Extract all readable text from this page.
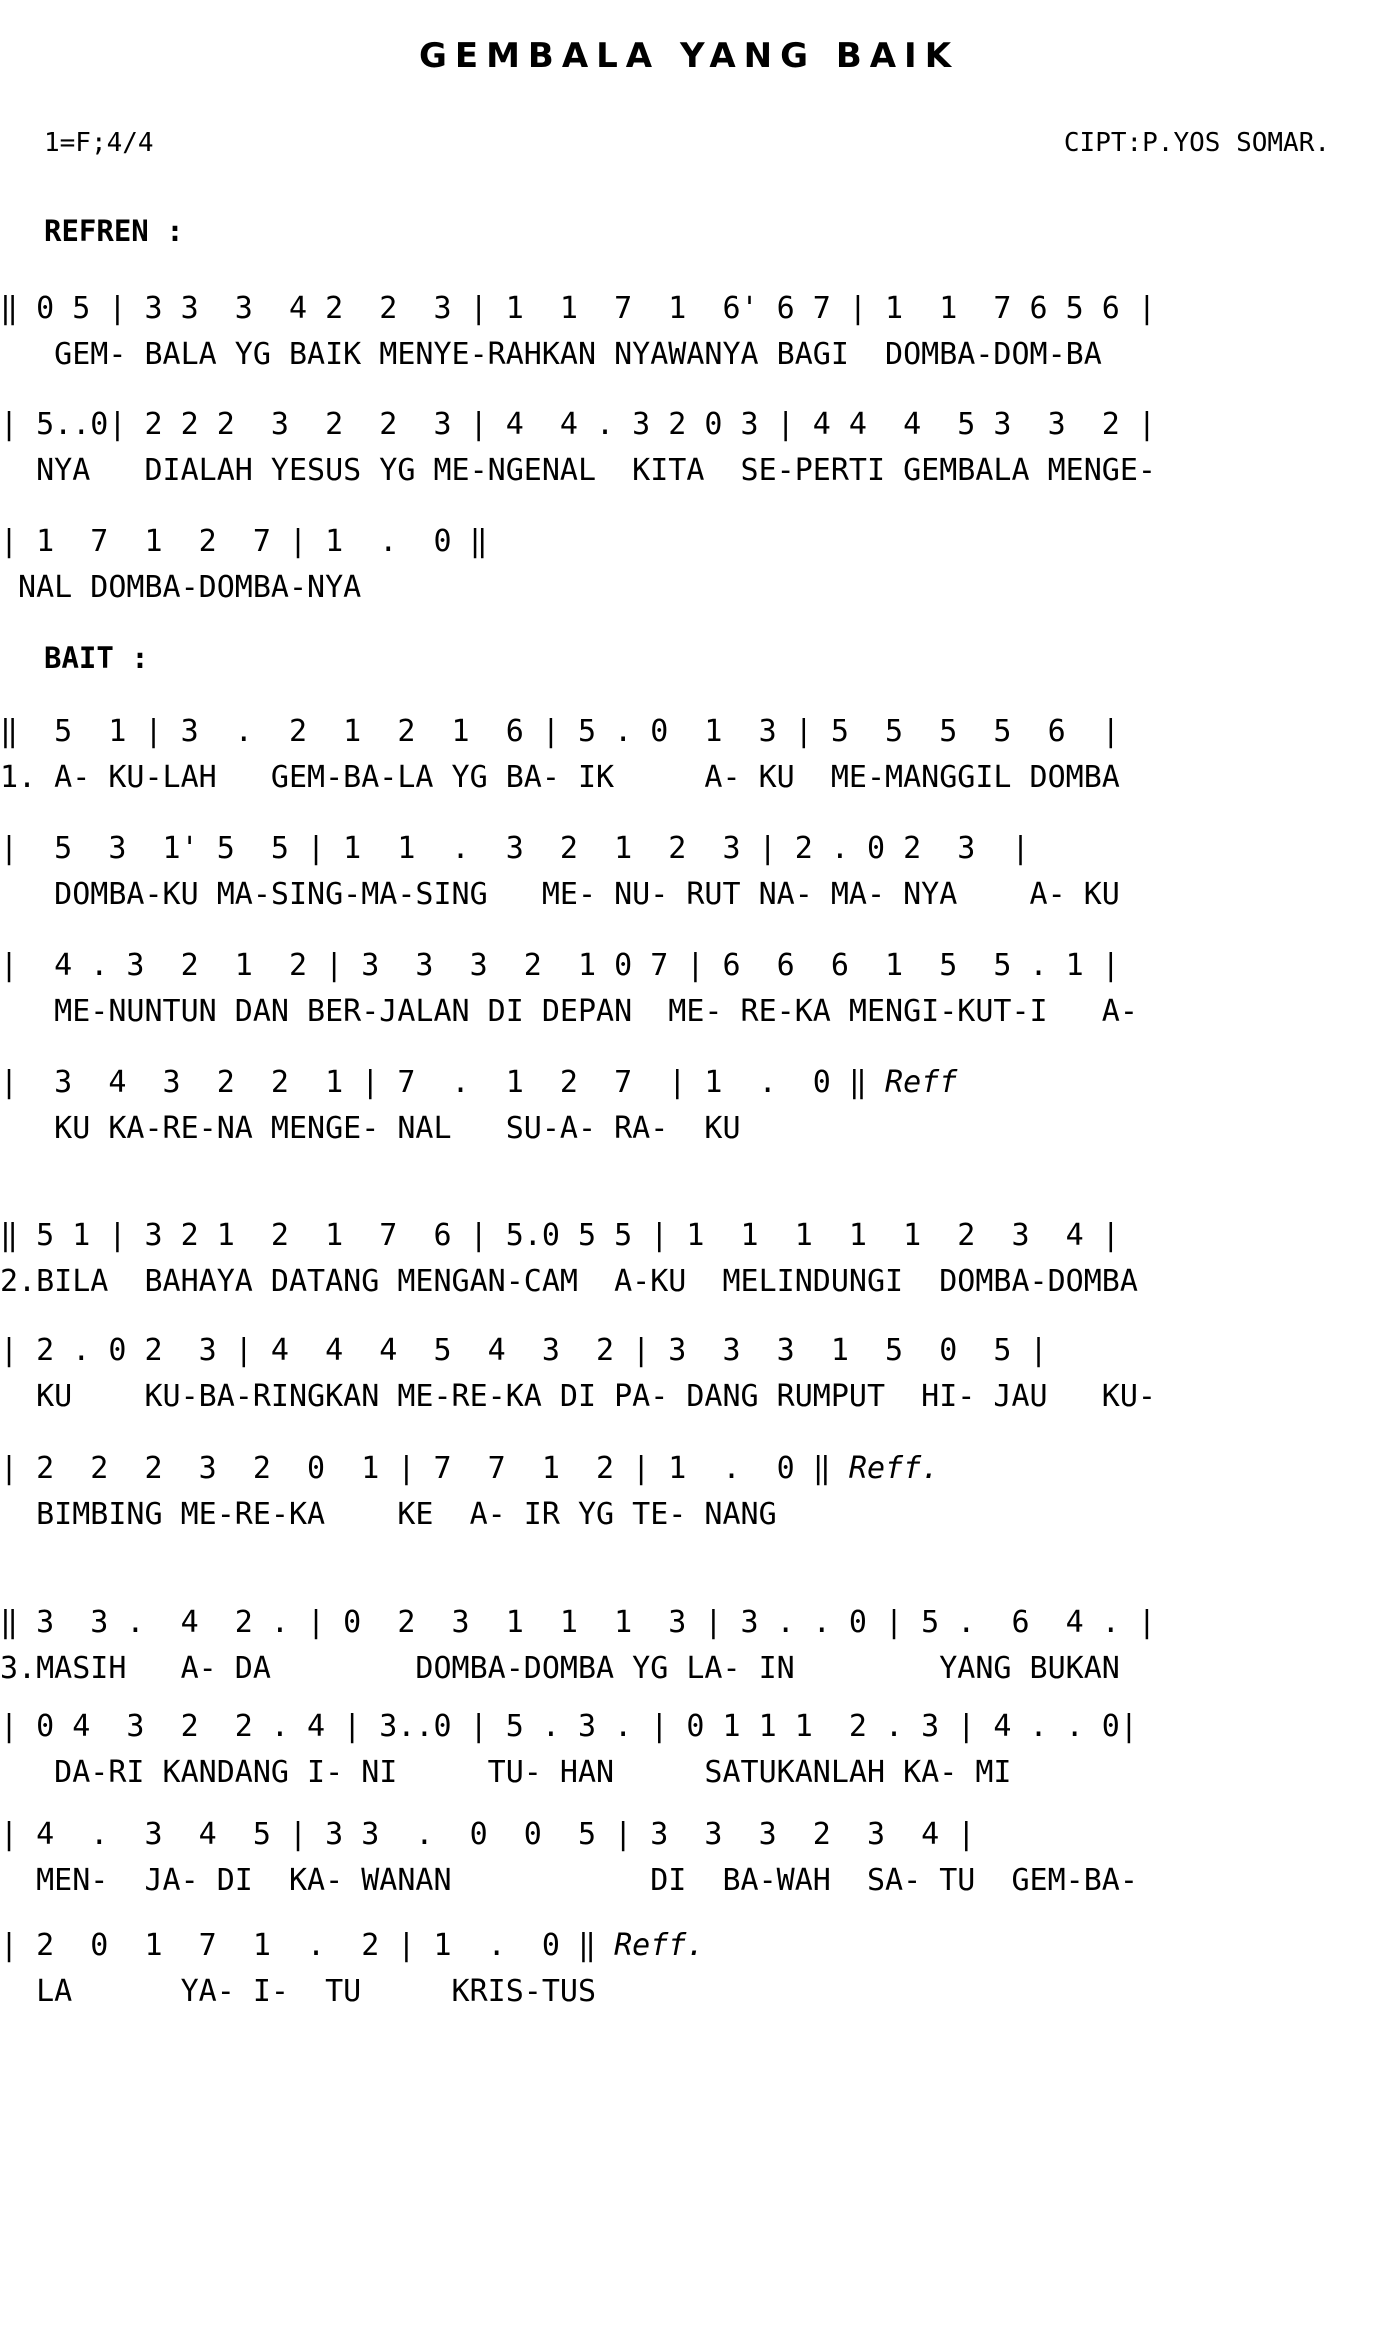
GEMBALA YANG BAIK
1=F;4/4	CIPT:P.YOS SOMAR.
REFREN :
‖ 0 5 | 3 3  3  4 2  2  3 | 1  1  7  1  6' 6 7 | 1  1  7 6 5 6 |
GEM- BALA YG BAIK MENYE-RAHKAN NYAWANYA BAGI  DOMBA-DOM-BA
| 5..0| 2 2 2  3  2  2  3 | 4  4 . 3 2 0 3 | 4 4  4  5 3  3  2 |
NYA   DIALAH YESUS YG ME-NGENAL  KITA  SE-PERTI GEMBALA MENGE-
| 1  7  1  2  7 | 1  .  0 ‖
NAL DOMBA-DOMBA-NYA
BAIT :
‖  5  1 | 3  .  2  1  2  1  6 | 5 . 0  1  3 | 5  5  5  5  6  |
1. A- KU-LAH   GEM-BA-LA YG BA- IK     A- KU  ME-MANGGIL DOMBA
|  5  3  1' 5  5 | 1  1  .  3  2  1  2  3 | 2 . 0 2  3  |
DOMBA-KU MA-SING-MA-SING   ME- NU- RUT NA- MA- NYA    A- KU
|  4 . 3  2  1  2 | 3  3  3  2  1 0 7 | 6  6  6  1  5  5 . 1 |
ME-NUNTUN DAN BER-JALAN DI DEPAN  ME- RE-KA MENGI-KUT-I   A-
|  3  4  3  2  2  1 | 7  .  1  2  7  | 1  .  0 ‖ Reff
KU KA-RE-NA MENGE- NAL   SU-A- RA-  KU
‖ 5 1 | 3 2 1  2  1  7  6 | 5.0 5 5 | 1  1  1  1  1  2  3  4 |
2.BILA  BAHAYA DATANG MENGAN-CAM  A-KU  MELINDUNGI  DOMBA-DOMBA
| 2 . 0 2  3 | 4  4  4  5  4  3  2 | 3  3  3  1  5  0  5 |
KU    KU-BA-RINGKAN ME-RE-KA DI PA- DANG RUMPUT  HI- JAU   KU-
| 2  2  2  3  2  0  1 | 7  7  1  2 | 1  .  0 ‖ Reff.
BIMBING ME-RE-KA    KE  A- IR YG TE- NANG
‖ 3  3 .  4  2 . | 0  2  3  1  1  1  3 | 3 . . 0 | 5 .  6  4 . |
3.MASIH   A- DA        DOMBA-DOMBA YG LA- IN        YANG BUKAN
| 0 4  3  2  2 . 4 | 3..0 | 5 . 3 . | 0 1 1 1  2 . 3 | 4 . . 0|
DA-RI KANDANG I- NI     TU- HAN     SATUKANLAH KA- MI
| 4  .  3  4  5 | 3 3  .  0  0  5 | 3  3  3  2  3  4 |
MEN-  JA- DI  KA- WANAN           DI  BA-WAH  SA- TU  GEM-BA-
| 2  0  1  7  1  .  2 | 1  .  0 ‖ Reff.
LA      YA- I-  TU     KRIS-TUS
